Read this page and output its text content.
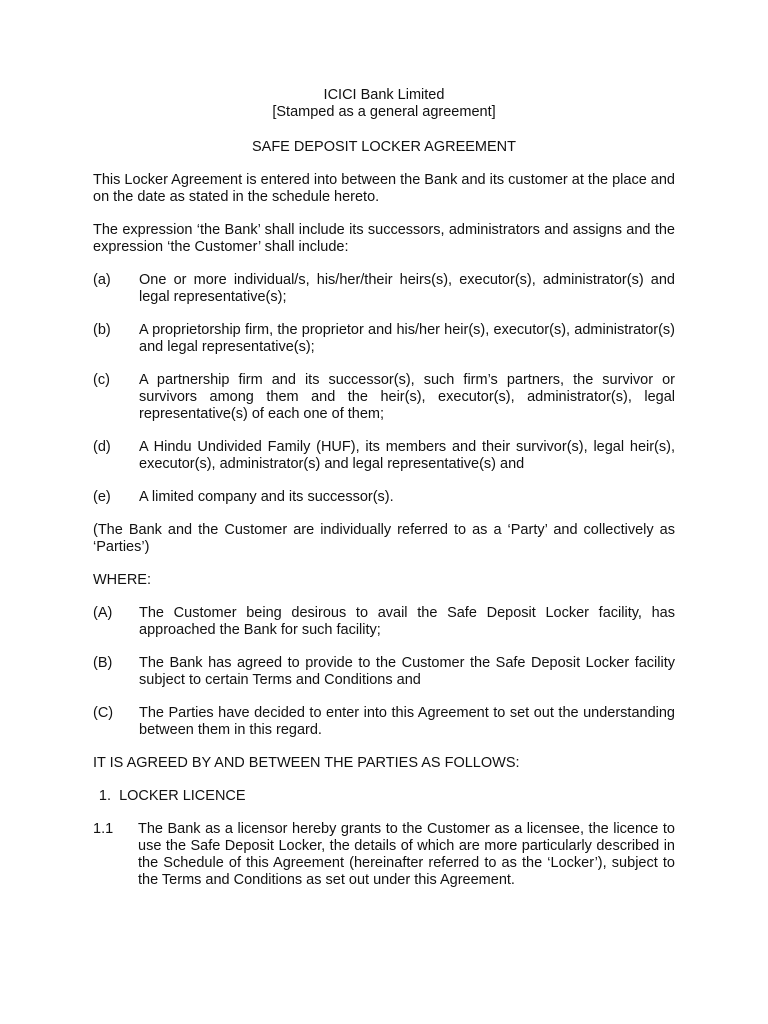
ICICI Bank Limited

[Stamped as a general agreement]

SAFE DEPOSIT LOCKER AGREEMENT

This Locker Agreement is entered into between the Bank and its customer at the place and on the date as stated in the schedule hereto.

The expression ‘the Bank’ shall include its successors, administrators and assigns and the expression ‘the Customer’ shall include:

(a)	One or more individual/s, his/her/their heirs(s), executor(s), administrator(s) and legal representative(s);
(b)	A proprietorship firm, the proprietor and his/her heir(s), executor(s), administrator(s) and legal representative(s);
(c)	A partnership firm and its successor(s), such firm’s partners, the survivor or survivors among them and the heir(s), executor(s), administrator(s), legal representative(s) of each one of them;
(d)	A Hindu Undivided Family (HUF), its members and their survivor(s), legal heir(s), executor(s), administrator(s) and legal representative(s) and
(e)	A limited company and its successor(s).

(The Bank and the Customer are individually referred to as a ‘Party’ and collectively as ‘Parties’)

WHERE:

(A)	The Customer being desirous to avail the Safe Deposit Locker facility, has approached the Bank for such facility;
(B)	The Bank has agreed to provide to the Customer the Safe Deposit Locker facility subject to certain Terms and Conditions and
(C)	The Parties have decided to enter into this Agreement to set out the understanding between them in this regard.

IT IS AGREED BY AND BETWEEN THE PARTIES AS FOLLOWS:

1. LOCKER LICENCE
1.1	The Bank as a licensor hereby grants to the Customer as a licensee, the licence to use the Safe Deposit Locker, the details of which are more particularly described in the Schedule of this Agreement (hereinafter referred to as the ‘Locker’), subject to the Terms and Conditions as set out under this Agreement.
